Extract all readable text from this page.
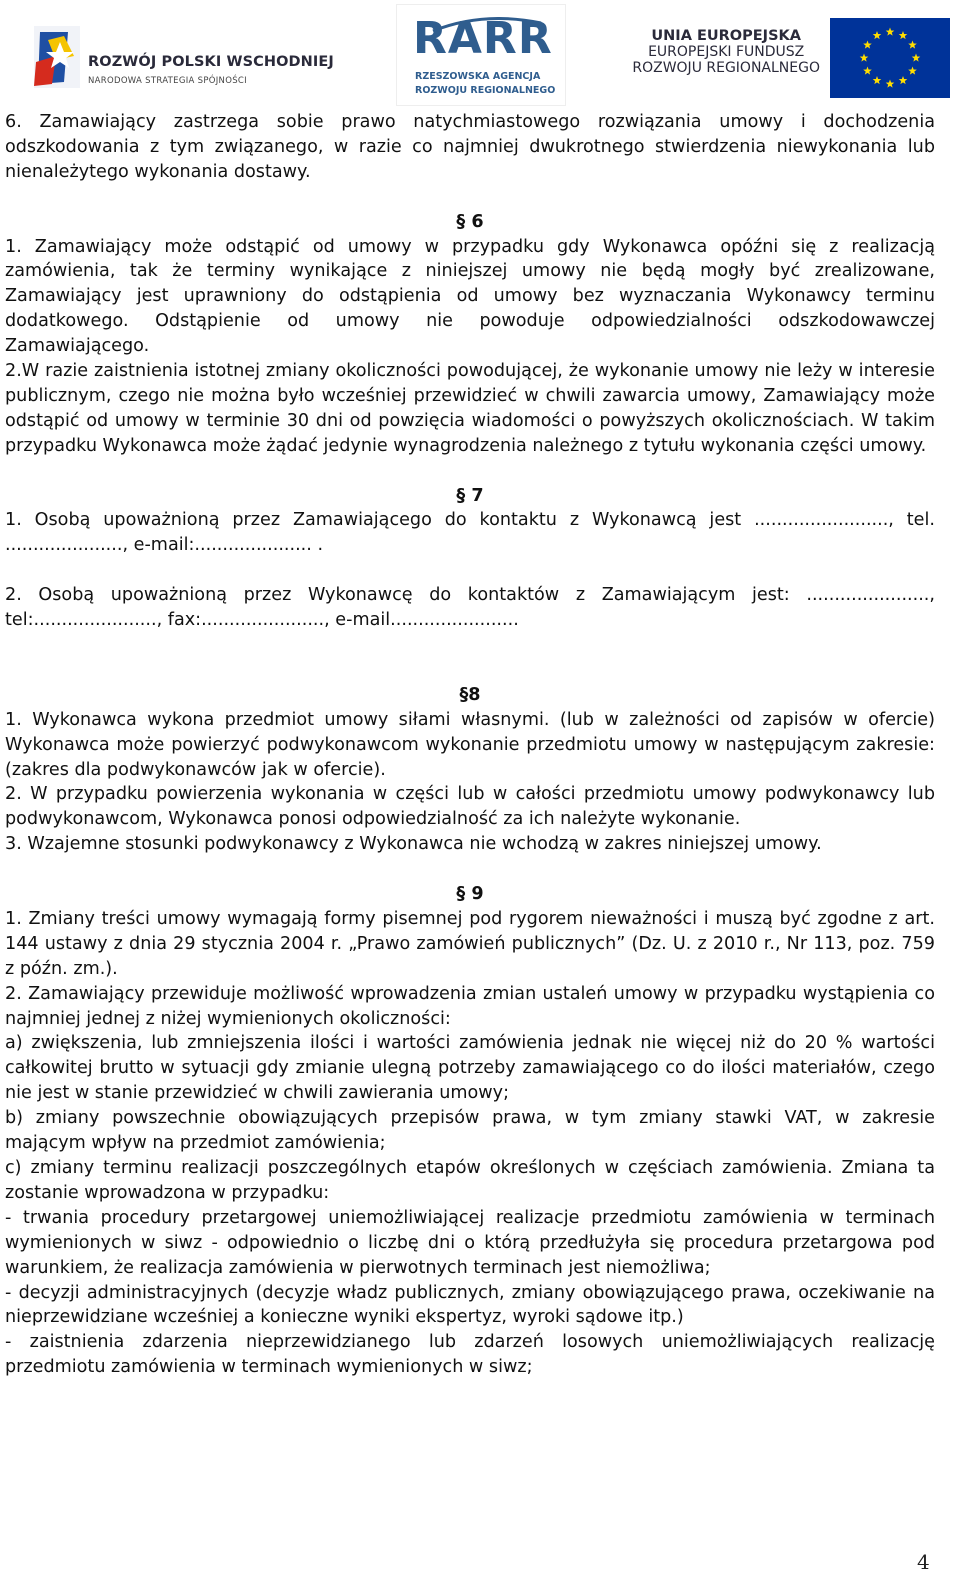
ROZWÓJ POLSKI WSCHODNIEJ
NARODOWA STRATEGIA SPÓJNOŚCI
RARR
RZESZOWSKA AGENCJA
ROZWOJU REGIONALNEGO
UNIA EUROPEJSKA
EUROPEJSKI FUNDUSZ
ROZWOJU REGIONALNEGO

6. Zamawiający zastrzega sobie prawo natychmiastowego rozwiązania umowy i dochodzenia odszkodowania z tym związanego, w razie co najmniej dwukrotnego stwierdzenia niewykonania lub nienależytego wykonania dostawy.

§ 6

1. Zamawiający może odstąpić od umowy w przypadku gdy Wykonawca opóźni się z realizacją zamówienia, tak że terminy wynikające z niniejszej umowy nie będą mogły być zrealizowane, Zamawiający jest uprawniony do odstąpienia od umowy bez wyznaczania Wykonawcy terminu dodatkowego. Odstąpienie od umowy nie powoduje odpowiedzialności odszkodowawczej Zamawiającego.

2.W razie zaistnienia istotnej zmiany okoliczności powodującej, że wykonanie umowy nie leży w interesie publicznym, czego nie można było wcześniej przewidzieć w chwili zawarcia umowy, Zamawiający może odstąpić od umowy w terminie 30 dni od powzięcia wiadomości o powyższych okolicznościach. W takim przypadku Wykonawca może żądać jedynie wynagrodzenia należnego z tytułu wykonania części umowy.

§ 7

1. Osobą upoważnioną przez Zamawiającego do kontaktu z Wykonawcą jest ........................, tel. ....................., e-mail:..................... .

2. Osobą upoważnioną przez Wykonawcę do kontaktów z Zamawiającym jest: ......................, tel:......................, fax:......................, e-mail.......................

§8

1. Wykonawca wykona przedmiot umowy siłami własnymi. (lub w zależności od zapisów w ofercie) Wykonawca może powierzyć podwykonawcom wykonanie przedmiotu umowy w następującym zakresie: (zakres dla podwykonawców jak w ofercie).

2. W przypadku powierzenia wykonania w części lub w całości przedmiotu umowy podwykonawcy lub podwykonawcom, Wykonawca ponosi odpowiedzialność za ich należyte wykonanie.

3. Wzajemne stosunki podwykonawcy z Wykonawca nie wchodzą w zakres niniejszej umowy.

§ 9

1. Zmiany treści umowy wymagają formy pisemnej pod rygorem nieważności i muszą być zgodne z art. 144 ustawy z dnia 29 stycznia 2004 r. „Prawo zamówień publicznych” (Dz. U. z 2010 r., Nr 113, poz. 759 z późn. zm.).

2. Zamawiający przewiduje możliwość wprowadzenia zmian ustaleń umowy w przypadku wystąpienia co najmniej jednej z niżej wymienionych okoliczności:

a) zwiększenia, lub zmniejszenia ilości i wartości zamówienia jednak nie więcej niż do 20 % wartości całkowitej brutto w sytuacji gdy zmianie ulegną potrzeby zamawiającego co do ilości materiałów, czego nie jest w stanie przewidzieć w chwili zawierania umowy;

b) zmiany powszechnie obowiązujących przepisów prawa, w tym zmiany stawki VAT, w zakresie mającym wpływ na przedmiot zamówienia;

c) zmiany terminu realizacji poszczególnych etapów określonych w częściach zamówienia. Zmiana ta zostanie wprowadzona w przypadku:

- trwania procedury przetargowej uniemożliwiającej realizacje przedmiotu zamówienia w terminach wymienionych w siwz - odpowiednio o liczbę dni o którą przedłużyła się procedura przetargowa pod warunkiem, że realizacja zamówienia w pierwotnych terminach jest niemożliwa;

- decyzji administracyjnych (decyzje władz publicznych, zmiany obowiązującego prawa, oczekiwanie na nieprzewidziane wcześniej a konieczne wyniki ekspertyz, wyroki sądowe itp.)

- zaistnienia zdarzenia nieprzewidzianego lub zdarzeń losowych uniemożliwiających realizację przedmiotu zamówienia w terminach wymienionych w siwz;

4
